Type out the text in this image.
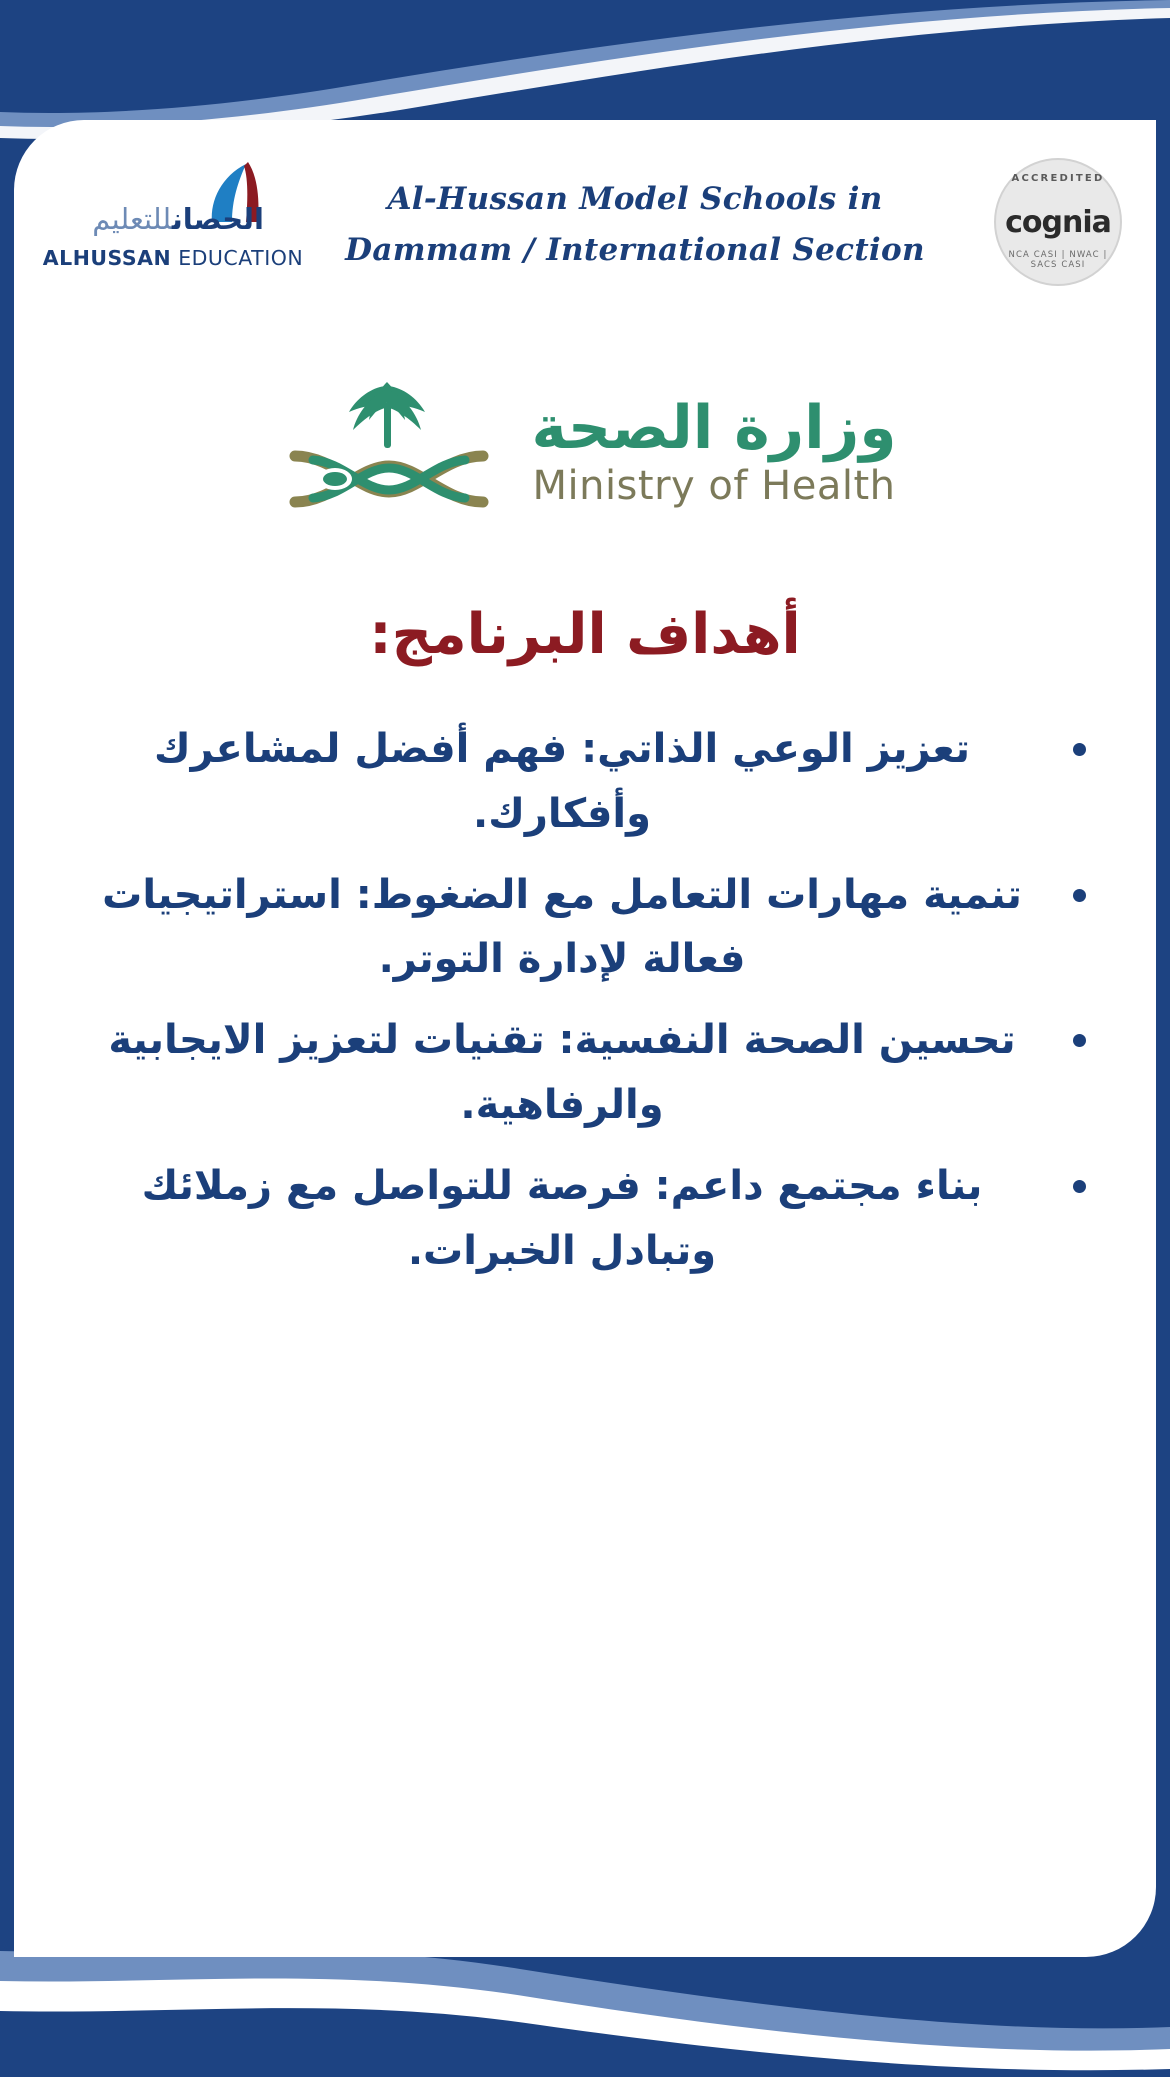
الحصانللتعليم
ALHUSSAN EDUCATION
Al-Hussan Model Schools in
Dammam / International Section
ACCREDITED
cognia
NCA CASI | NWAC | SACS CASI
وزارة الصحة
Ministry of Health
أهداف البرنامج:
تعزيز الوعي الذاتي: فهم أفضل لمشاعرك وأفكارك.
تنمية مهارات التعامل مع الضغوط: استراتيجيات فعالة لإدارة التوتر.
تحسين الصحة النفسية: تقنيات لتعزيز الايجابية والرفاهية.
بناء مجتمع داعم: فرصة للتواصل مع زملائك وتبادل الخبرات.
